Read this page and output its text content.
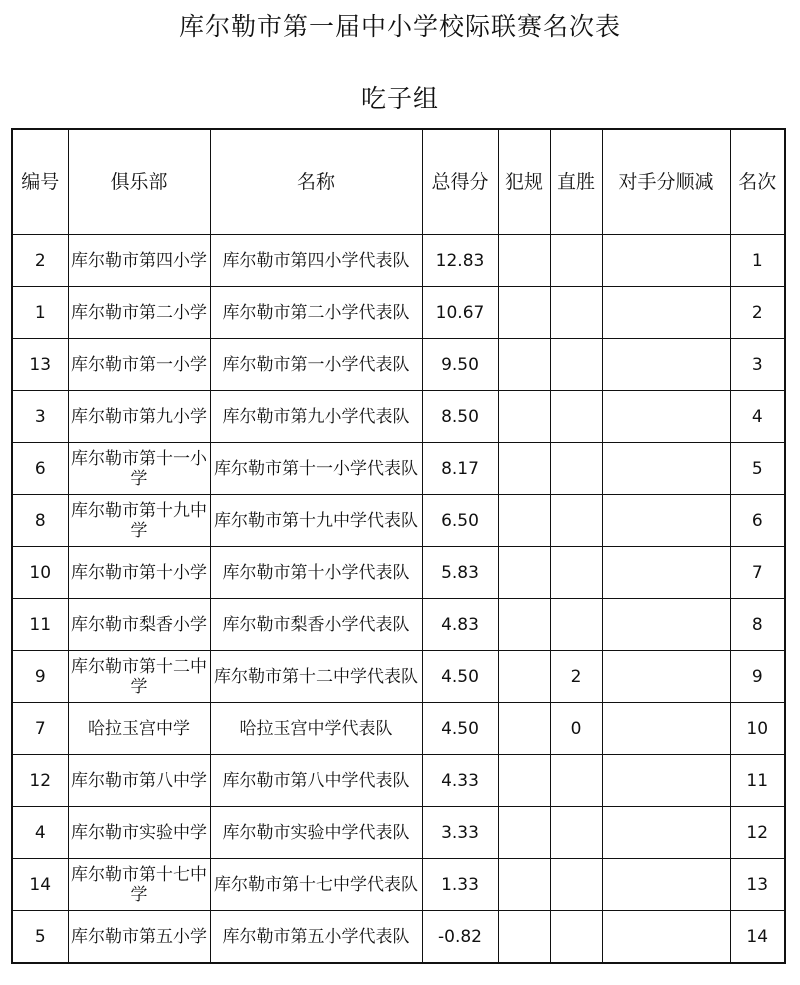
库尔勒市第一届中小学校际联赛名次表
吃子组
编号	俱乐部	名称	总得分	犯规	直胜	对手分顺减	名次
2	库尔勒市第四小学	库尔勒市第四小学代表队	12.83				1
1	库尔勒市第二小学	库尔勒市第二小学代表队	10.67				2
13	库尔勒市第一小学	库尔勒市第一小学代表队	9.50				3
3	库尔勒市第九小学	库尔勒市第九小学代表队	8.50				4
6	库尔勒市第十一小学	库尔勒市第十一小学代表队	8.17				5
8	库尔勒市第十九中学	库尔勒市第十九中学代表队	6.50				6
10	库尔勒市第十小学	库尔勒市第十小学代表队	5.83				7
11	库尔勒市梨香小学	库尔勒市梨香小学代表队	4.83				8
9	库尔勒市第十二中学	库尔勒市第十二中学代表队	4.50		2		9
7	哈拉玉宫中学	哈拉玉宫中学代表队	4.50		0		10
12	库尔勒市第八中学	库尔勒市第八中学代表队	4.33				11
4	库尔勒市实验中学	库尔勒市实验中学代表队	3.33				12
14	库尔勒市第十七中学	库尔勒市第十七中学代表队	1.33				13
5	库尔勒市第五小学	库尔勒市第五小学代表队	-0.82				14
